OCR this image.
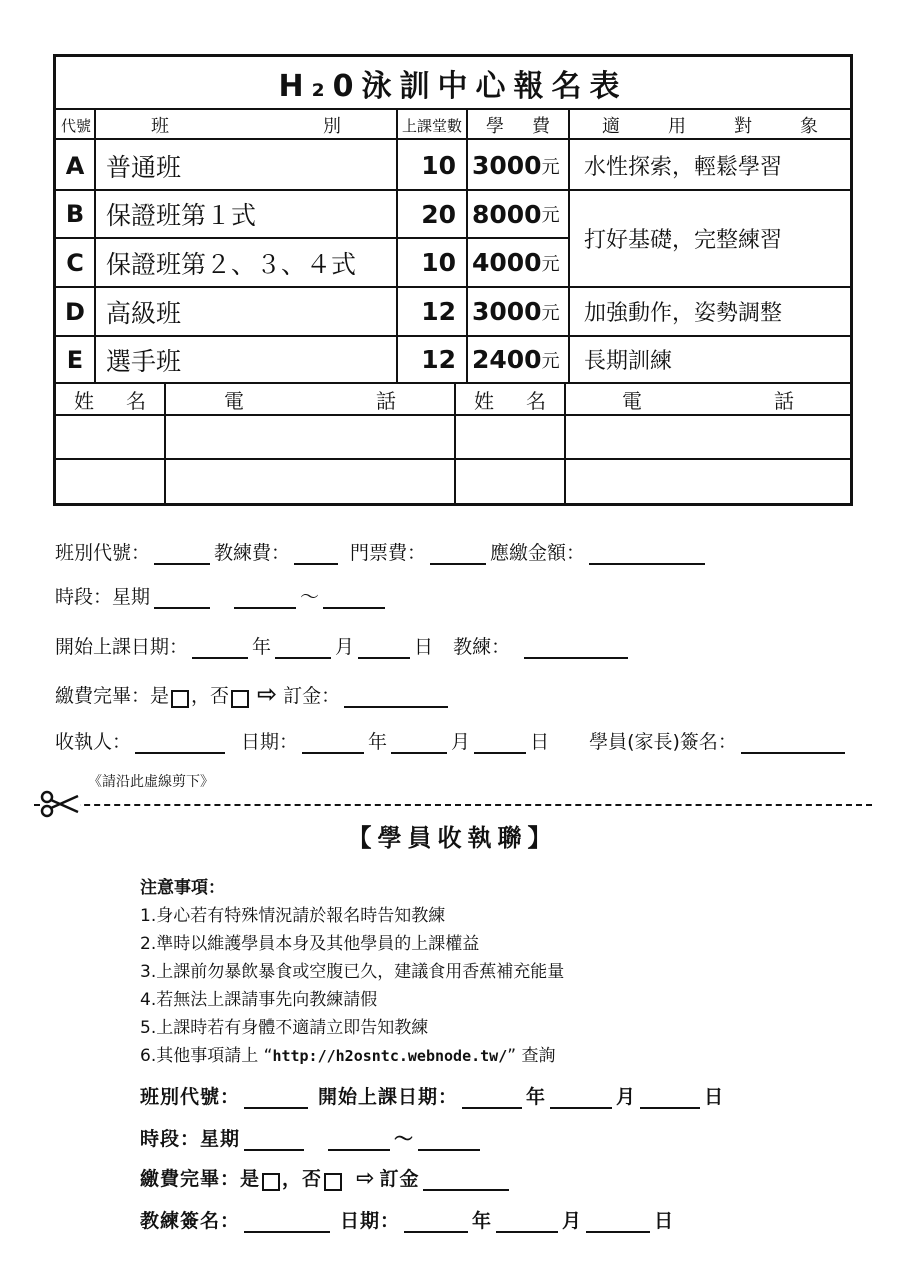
H₂0泳訓中心報名表
代號	班	別	上課堂數 學 費	適	用	對	象
A 普通班	10 3000 元	水性探索，輕鬆學習
B 保證班第１式	20 8000 元
打好基礎，完整練習
C 保證班第２、３、４式	10 4000 元
D 高級班	12 3000 元	加強動作，姿勢調整
E 選手班	12 2400 元	長期訓練
姓 名	電	話	姓 名	電	話
班別代號：	教練費：	門票費：	應繳金額：
時段：星期	～
開始上課日期：	年	月	日 教練：
繳費完畢：是 ，否 ⇨ 訂金：
收執人：	日期：	年	月	日 學員(家長)簽名：
《請沿此虛線剪下》
【學員收執聯】
注意事項：
1.身心若有特殊情況請於報名時告知教練
2.準時以維護學員本身及其他學員的上課權益
3.上課前勿暴飲暴食或空腹已久，建議食用香蕉補充能量
4.若無法上課請事先向教練請假
5.上課時若有身體不適請立即告知教練
6.其他事項請上 “http://h2osntc.webnode.tw/” 查詢
班別代號：	開始上課日期：	年	月	日
時段：星期	～
繳費完畢：是 ，否 ⇨ 訂金
教練簽名：	日期：	年	月	日
